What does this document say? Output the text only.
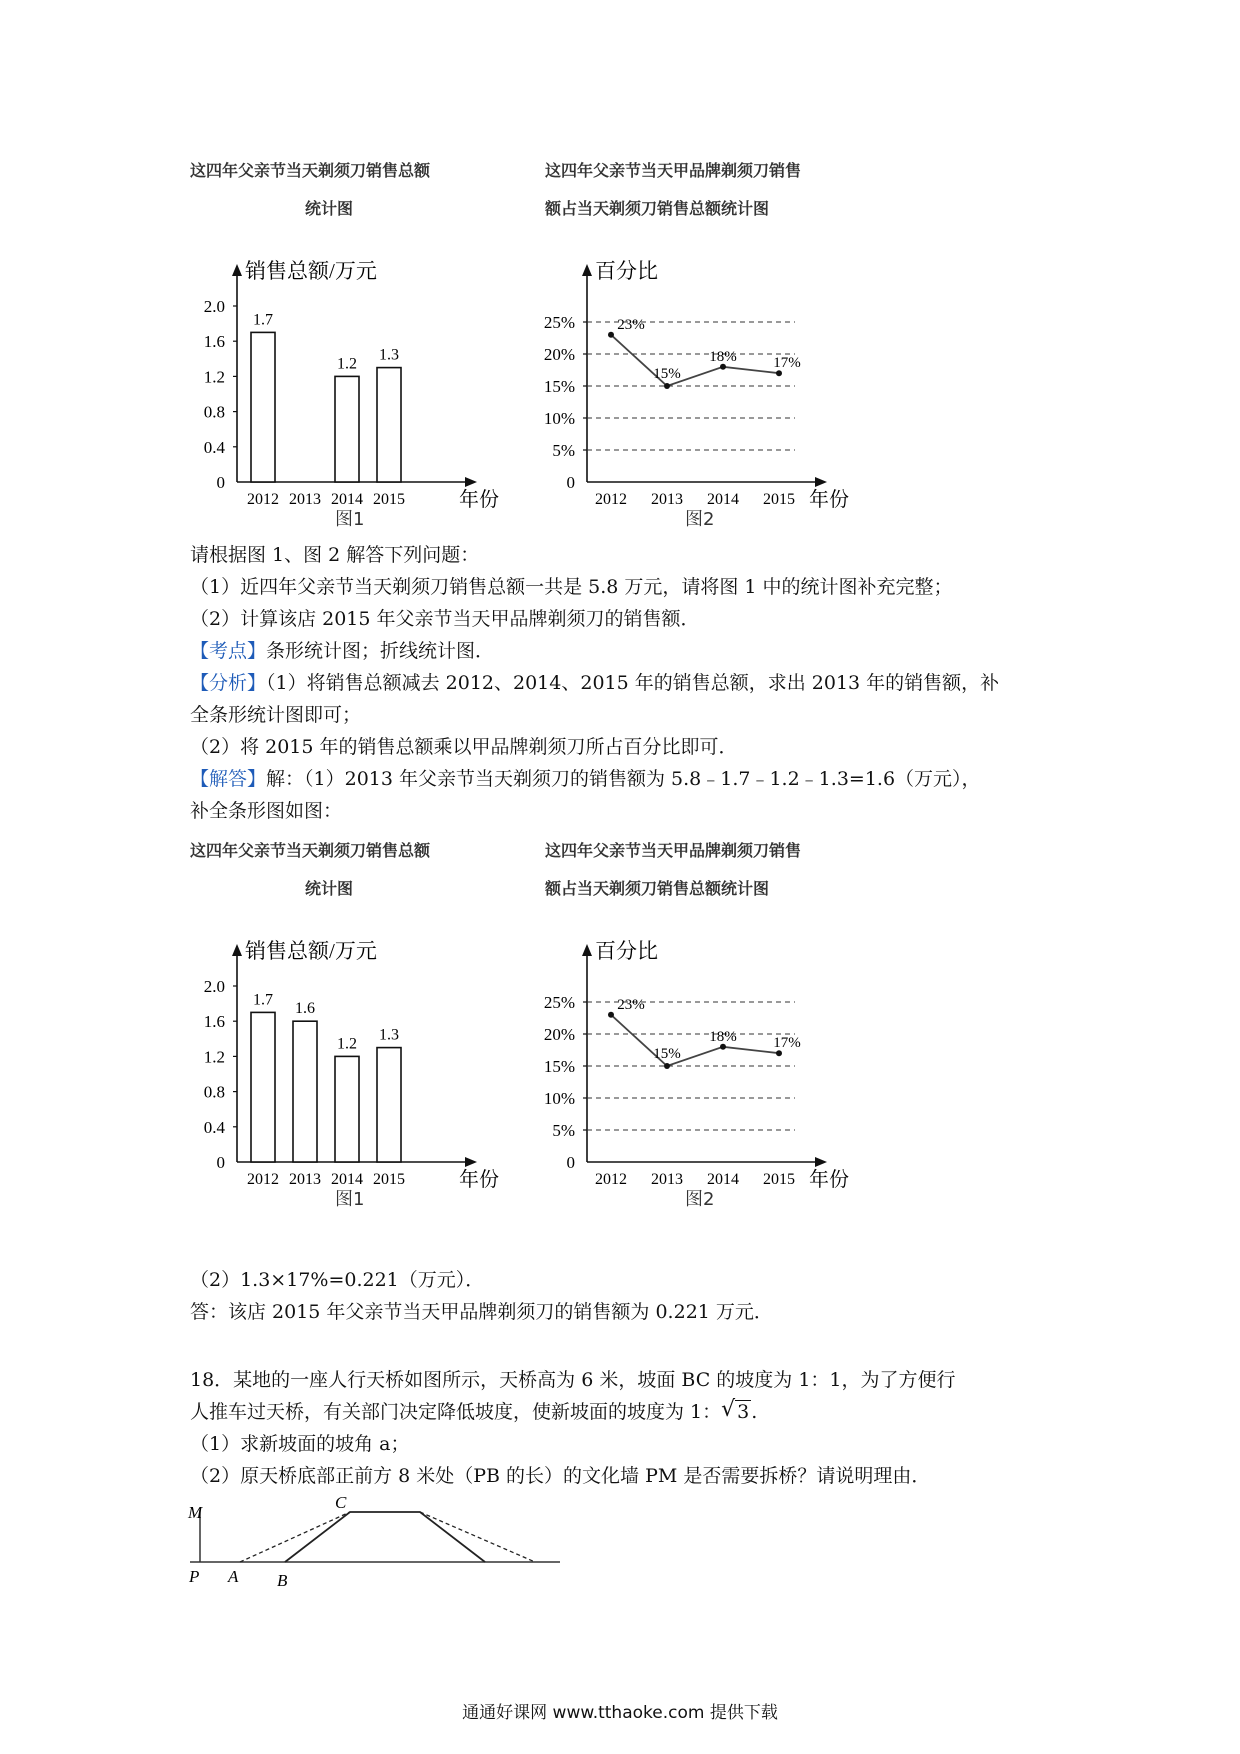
这四年父亲节当天剃须刀销售总额
统计图
销售总额/万元
年份
0
0.4
0.8
1.2
1.6
2.0
2012 2013 2014 2015
1.7
1.2
1.3
图1
这四年父亲节当天甲品牌剃须刀销售
额占当天剃须刀销售总额统计图
百分比
年份
0
5%
10%
15%
20%
25%
2012 2013 2014 2015
23%
15%
18% 17%
图2
请根据图 1、图 2 解答下列问题：
（1）近四年父亲节当天剃须刀销售总额一共是 5.8 万元，请将图 1 中的统计图补充完整；
（2）计算该店 2015 年父亲节当天甲品牌剃须刀的销售额．
【考点】条形统计图；折线统计图．
【分析】（1）将销售总额减去 2012、2014、2015 年的销售总额，求出 2013 年的销售额，补
全条形统计图即可；
（2）将 2015 年的销售总额乘以甲品牌剃须刀所占百分比即可．
【解答】解：（1）2013 年父亲节当天剃须刀的销售额为 5.8﹣1.7﹣1.2﹣1.3=1.6（万元），
补全条形图如图：
这四年父亲节当天剃须刀销售总额
统计图
销售总额/万元
年份
0
0.4
0.8
1.2
1.6
2.0
2012 2013 2014 2015
1.7
1.6
1.2
1.3
图1
这四年父亲节当天甲品牌剃须刀销售
额占当天剃须刀销售总额统计图
百分比
年份
0
5%
10%
15%
20%
25%
2012 2013 2014 2015
23%
15%
18% 17%
图2
（2）1.3×17%=0.221（万元）．
答：该店 2015 年父亲节当天甲品牌剃须刀的销售额为 0.221 万元．
18．某地的一座人行天桥如图所示，天桥高为 6 米，坡面 BC 的坡度为 1：1，为了方便行
人推车过天桥，有关部门决定降低坡度，使新坡面的坡度为 1： √ 3 .
（1）求新坡面的坡角 a；
（2）原天桥底部正前方 8 米处（PB 的长）的文化墙 PM 是否需要拆桥？请说明理由．
M
C
P A B
通通好课网 www.tthaoke.com 提供下载
